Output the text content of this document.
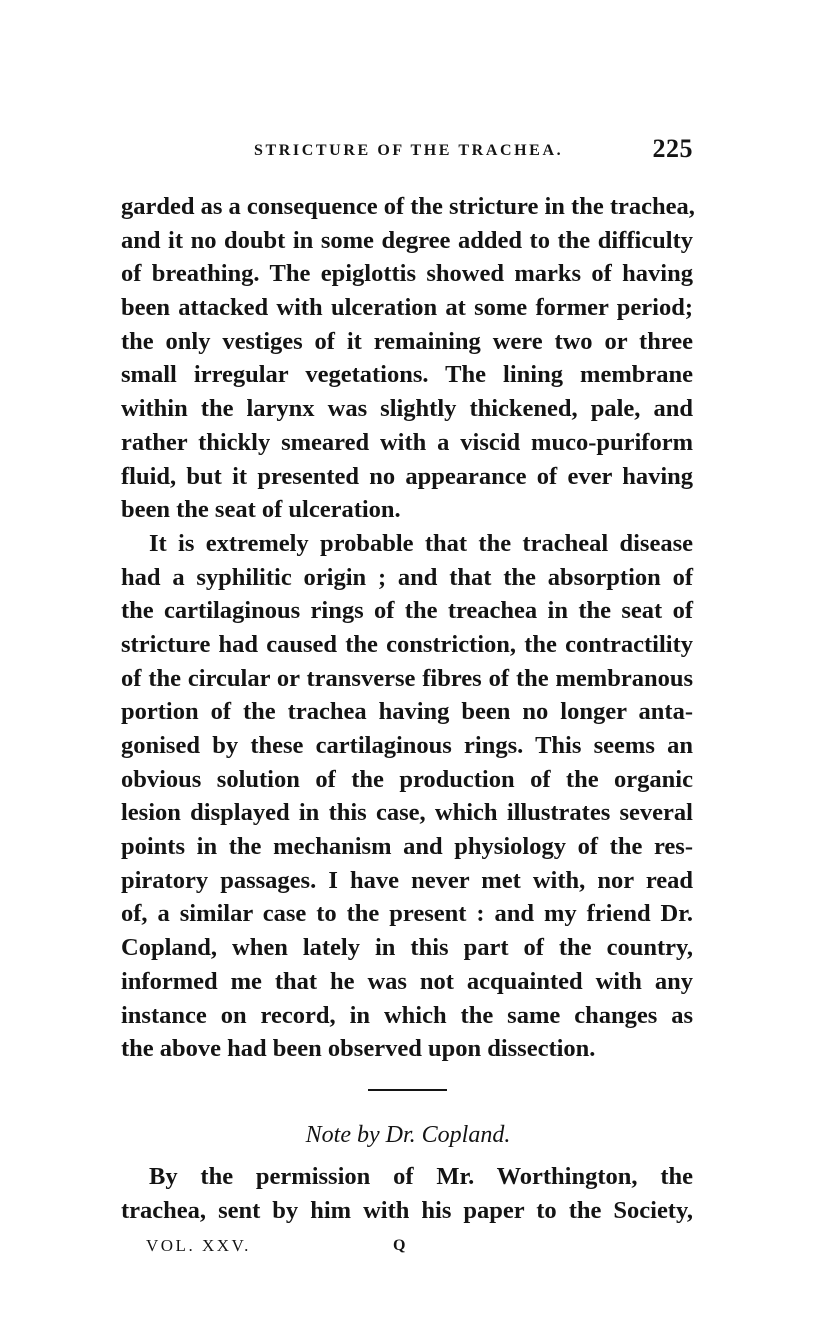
STRICTURE OF THE TRACHEA.	225
garded as a consequence of the stricture in the trachea,
and it no doubt in some degree added to the difficulty
of breathing. The epiglottis showed marks of having
been attacked with ulceration at some former period;
the only vestiges of it remaining were two or three
small irregular vegetations. The lining membrane
within the larynx was slightly thickened, pale, and
rather thickly smeared with a viscid muco-puriform
fluid, but it presented no appearance of ever having
been the seat of ulceration.
It is extremely probable that the tracheal disease
had a syphilitic origin ; and that the absorption of
the cartilaginous rings of the treachea in the seat of
stricture had caused the constriction, the contractility
of the circular or transverse fibres of the membranous
portion of the trachea having been no longer anta-
gonised by these cartilaginous rings. This seems an
obvious solution of the production of the organic
lesion displayed in this case, which illustrates several
points in the mechanism and physiology of the res-
piratory passages. I have never met with, nor read
of, a similar case to the present : and my friend Dr.
Copland, when lately in this part of the country,
informed me that he was not acquainted with any
instance on record, in which the same changes as
the above had been observed upon dissection.
Note by Dr. Copland.
By the permission of Mr. Worthington, the
trachea, sent by him with his paper to the Society,
VOL. XXV.	Q
